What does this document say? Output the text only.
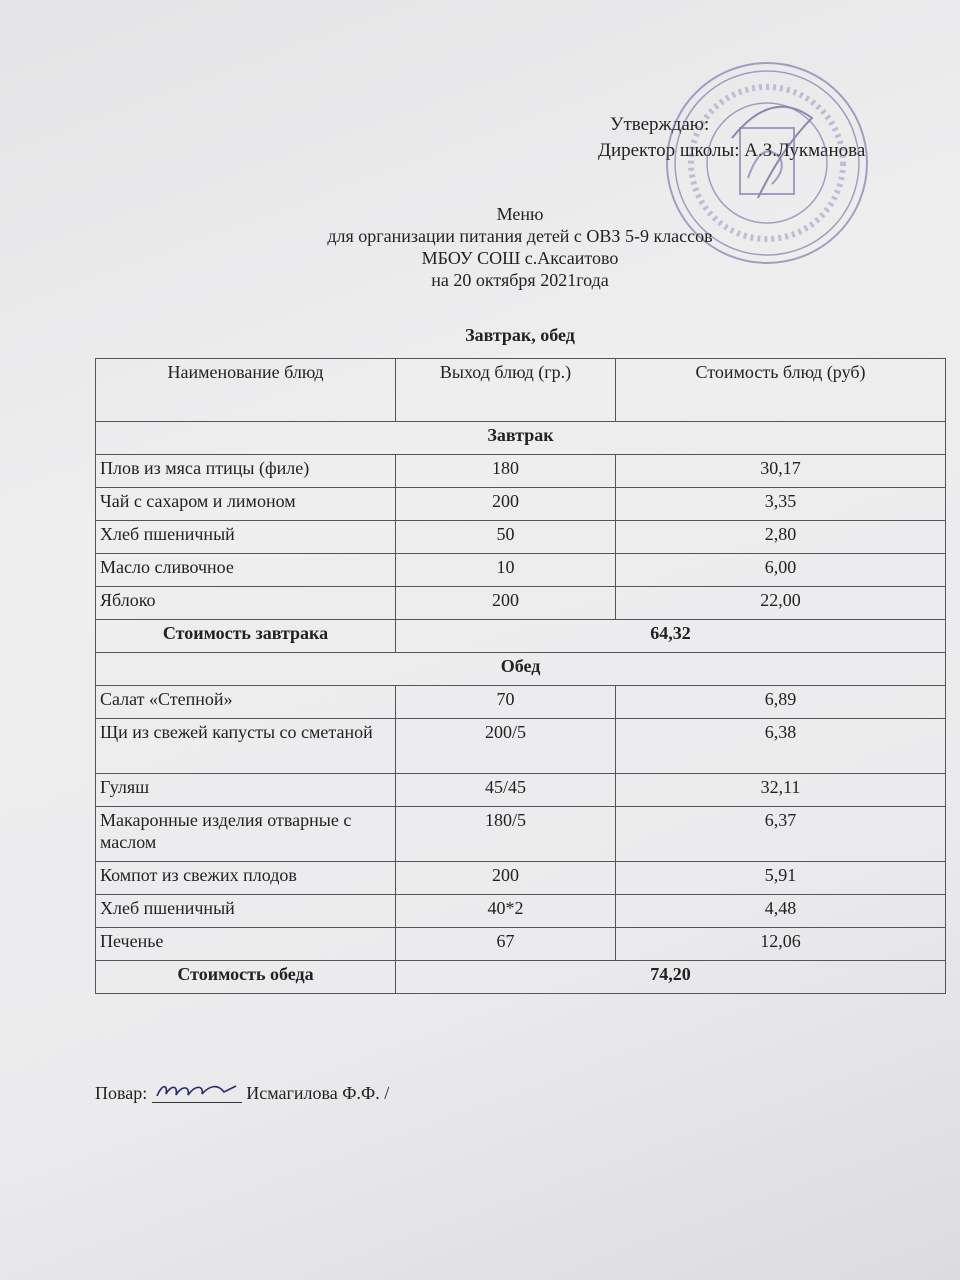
Утверждаю:
Директор школы: А.З.Лукманова
Меню
для организации питания детей с ОВЗ 5-9 классов
МБОУ СОШ с.Аксаитово
на 20 октября 2021года
Завтрак, обед
Наименование блюд	Выход блюд (гр.)	Стоимость блюд (руб)
Завтрак		
Плов из мяса птицы (филе)	180	30,17
Чай с сахаром и лимоном	200	3,35
Хлеб пшеничный	50	2,80
Масло сливочное	10	6,00
Яблоко	200	22,00
Стоимость завтрака	64,32	
Обед		
Салат «Степной»	70	6,89
Щи из свежей капусты со сметаной	200/5	6,38
Гуляш	45/45	32,11
Макаронные изделия отварные с маслом	180/5	6,37
Компот из свежих плодов	200	5,91
Хлеб пшеничный	40*2	4,48
Печенье	67	12,06
Стоимость обеда	74,20	
Повар:	Исмагилова Ф.Ф. /
